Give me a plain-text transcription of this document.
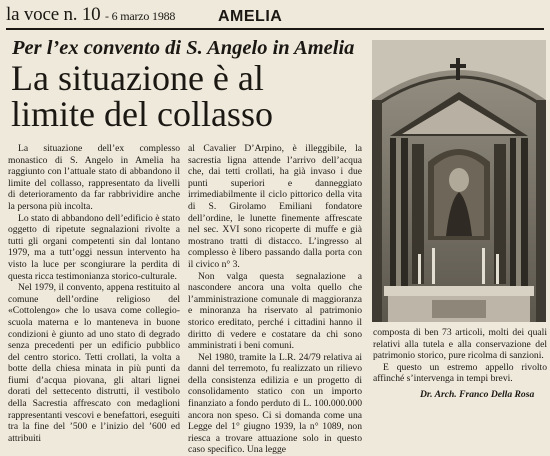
la voce n. 10 - 6 marzo 1988	AMELIA
Per l’ex convento di S. Angelo in Amelia
La situazione è al limite del collasso

La situazione dell’ex complesso monastico di S. Angelo in Amelia ha raggiunto con l’attuale stato di abbandono il limite del collasso, rappresentato da livelli di deterioramento da far rabbrividire anche la persona più incolta.

Lo stato di abbandono dell’edificio è stato oggetto di ripetute segnalazioni rivolte a tutti gli organi competenti sin dal lontano 1979, ma a tutt’oggi nessun intervento ha visto la luce per scongiurare la perdita di questa ricca testimonianza storico-culturale.

Nel 1979, il convento, appena restituito al comune dell’ordine religioso del «Cottolengo» che lo usava come collegio-scuola materna e lo manteneva in buone condizioni è giunto ad uno stato di degrado senza precedenti per un edificio pubblico del centro storico. Tetti crollati, la volta a botte della chiesa minata in più punti da fiumi d’acqua piovana, gli altari lignei dorati del settecento distrutti, il vestibolo della Sacrestia affrescato con medaglioni rappresentanti vescovi e benefattori, eseguiti tra la fine del ’500 e l’inizio del ’600 ed attribuiti

al Cavalier D’Arpino, è illeggibile, la sacrestia ligna attende l’arrivo dell’acqua che, dai tetti crollati, ha già invaso i due punti superiori e danneggiato irrimediabilmente il ciclo pittorico della vita di S. Girolamo Emiliani fondatore dell’ordine, le lunette finemente affrescate nel sec. XVI sono ricoperte di muffe e già mostrano tratti di distacco. L’ingresso al complesso è libero passando dalla porta con il civico n° 3.

Non valga questa segnalazione a nascondere ancora una volta quello che l’amministrazione comunale di maggioranza e minoranza ha riservato al patrimonio storico ereditato, perché i cittadini hanno il diritto di vedere e costatare da chi sono amministrati i beni comuni.

Nel 1980, tramite la L.R. 24/79 relativa ai danni del terremoto, fu realizzato un rilievo della consistenza edilizia e un progetto di consolidamento statico con un importo finanziato a fondo perduto di L. 100.000.000 ancora non speso. Ci si domanda come una Legge del 1° giugno 1939, la n° 1089, non riesca a trovare attuazione solo in questo caso specifico. Una legge

composta di ben 73 articoli, molti dei quali relativi alla tutela e alla conservazione del patrimonio storico, pure ricolma di sanzioni.

E questo un estremo appello rivolto affinché s’intervenga in tempi brevi.

Dr. Arch. Franco Della Rosa
